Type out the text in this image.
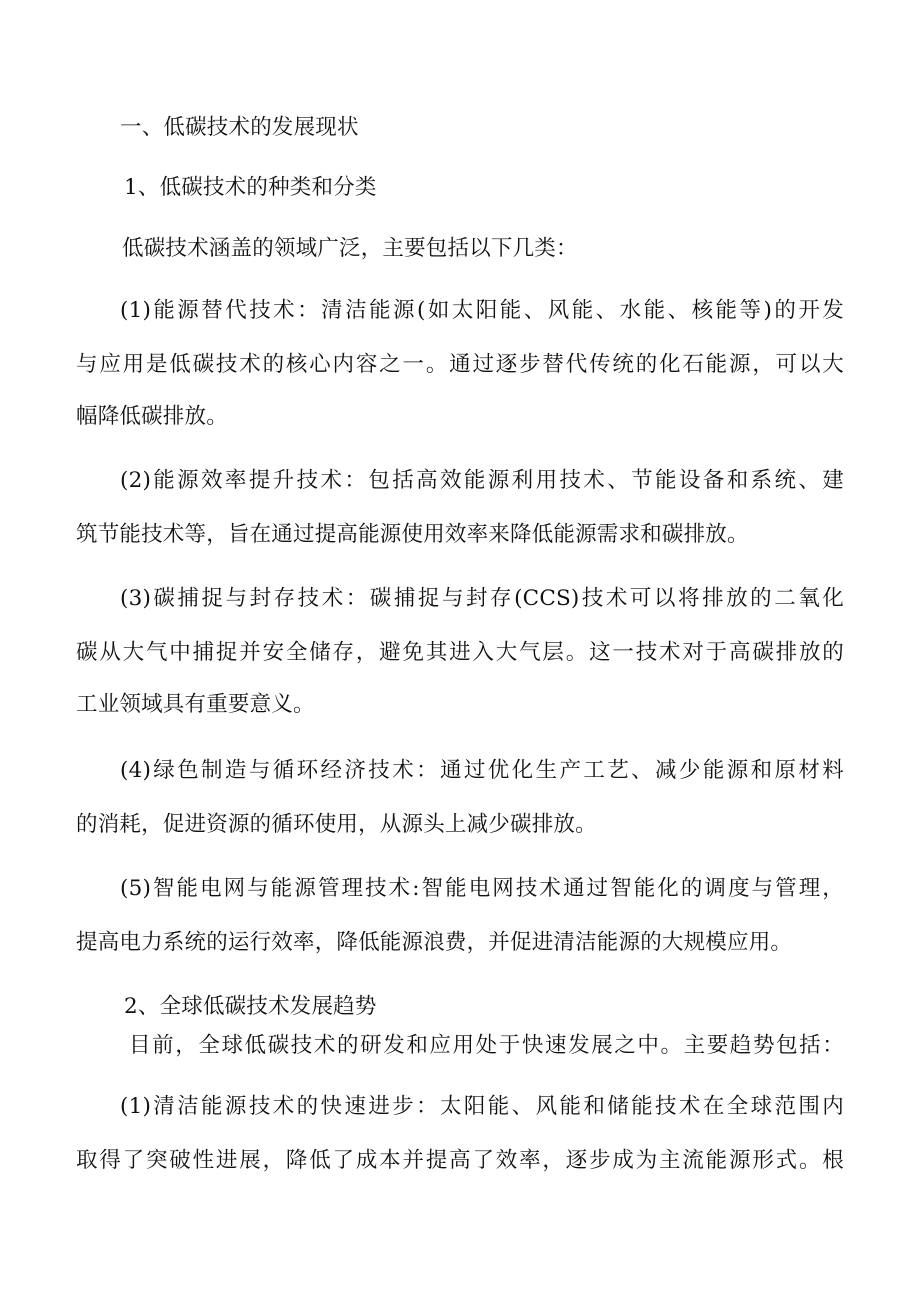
一、低碳技术的发展现状
1、低碳技术的种类和分类
低碳技术涵盖的领域广泛，主要包括以下几类：
(1)能源替代技术：清洁能源(如太阳能、风能、水能、核能等)的开发
与应用是低碳技术的核心内容之一。通过逐步替代传统的化石能源，可以大
幅降低碳排放。
(2)能源效率提升技术：包括高效能源利用技术、节能设备和系统、建
筑节能技术等，旨在通过提高能源使用效率来降低能源需求和碳排放。
(3)碳捕捉与封存技术：碳捕捉与封存(CCS)技术可以将排放的二氧化
碳从大气中捕捉并安全储存，避免其进入大气层。这一技术对于高碳排放的
工业领域具有重要意义。
(4)绿色制造与循环经济技术：通过优化生产工艺、减少能源和原材料
的消耗，促进资源的循环使用，从源头上减少碳排放。
(5)智能电网与能源管理技术:智能电网技术通过智能化的调度与管理，
提高电力系统的运行效率，降低能源浪费，并促进清洁能源的大规模应用。
2、全球低碳技术发展趋势
目前，全球低碳技术的研发和应用处于快速发展之中。主要趋势包括：
(1)清洁能源技术的快速进步：太阳能、风能和储能技术在全球范围内
取得了突破性进展，降低了成本并提高了效率，逐步成为主流能源形式。根
